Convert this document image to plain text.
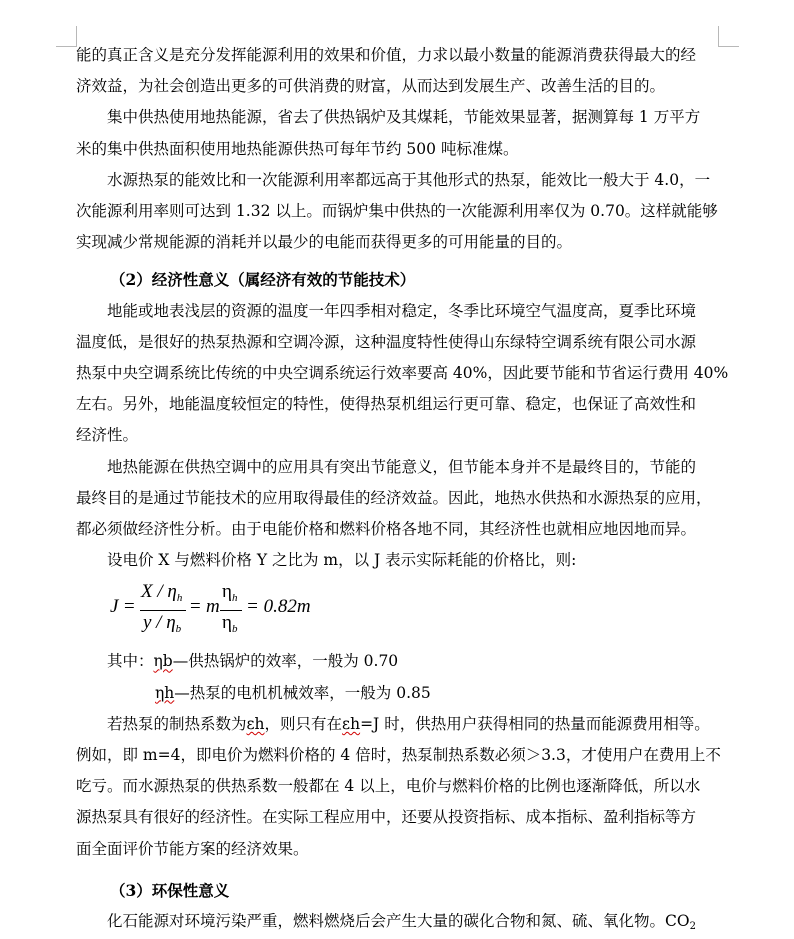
能的真正含义是充分发挥能源利用的效果和价值，力求以最小数量的能源消费获得最大的经

济效益，为社会创造出更多的可供消费的财富，从而达到发展生产、改善生活的目的。

集中供热使用地热能源，省去了供热锅炉及其煤耗，节能效果显著，据测算每 1 万平方

米的集中供热面积使用地热能源供热可每年节约 500 吨标准煤。

水源热泵的能效比和一次能源利用率都远高于其他形式的热泵，能效比一般大于 4.0，一

次能源利用率则可达到 1.32 以上。而锅炉集中供热的一次能源利用率仅为 0.70。这样就能够

实现减少常规能源的消耗并以最少的电能而获得更多的可用能量的目的。

（2）经济性意义（属经济有效的节能技术）

地能或地表浅层的资源的温度一年四季相对稳定，冬季比环境空气温度高，夏季比环境

温度低，是很好的热泵热源和空调冷源，这种温度特性使得山东绿特空调系统有限公司水源

热泵中央空调系统比传统的中央空调系统运行效率要高 40%，因此要节能和节省运行费用 40%

左右。另外，地能温度较恒定的特性，使得热泵机组运行更可靠、稳定，也保证了高效性和

经济性。

地热能源在供热空调中的应用具有突出节能意义，但节能本身并不是最终目的，节能的

最终目的是通过节能技术的应用取得最佳的经济效益。因此，地热水供热和水源热泵的应用，

都必须做经济性分析。由于电能价格和燃料价格各地不同，其经济性也就相应地因地而异。

设电价 X 与燃料价格 Y 之比为 m，以 J 表示实际耗能的价格比，则:

J =
X / $\eta_h$
y / $\eta_b$
= m
$\eta_h$
$\eta_b$
= 0.82m

其中：ηb—供热锅炉的效率，一般为 0.70

ηh—热泵的电机机械效率，一般为 0.85

若热泵的制热系数为εh，则只有在εh=J 时，供热用户获得相同的热量而能源费用相等。

例如，即 m=4，即电价为燃料价格的 4 倍时，热泵制热系数必须＞3.3，才使用户在费用上不

吃亏。而水源热泵的供热系数一般都在 4 以上，电价与燃料价格的比例也逐渐降低，所以水

源热泵具有很好的经济性。在实际工程应用中，还要从投资指标、成本指标、盈利指标等方

面全面评价节能方案的经济效果。

（3）环保性意义

化石能源对环境污染严重，燃料燃烧后会产生大量的碳化合物和氮、硫、氧化物。CO2
